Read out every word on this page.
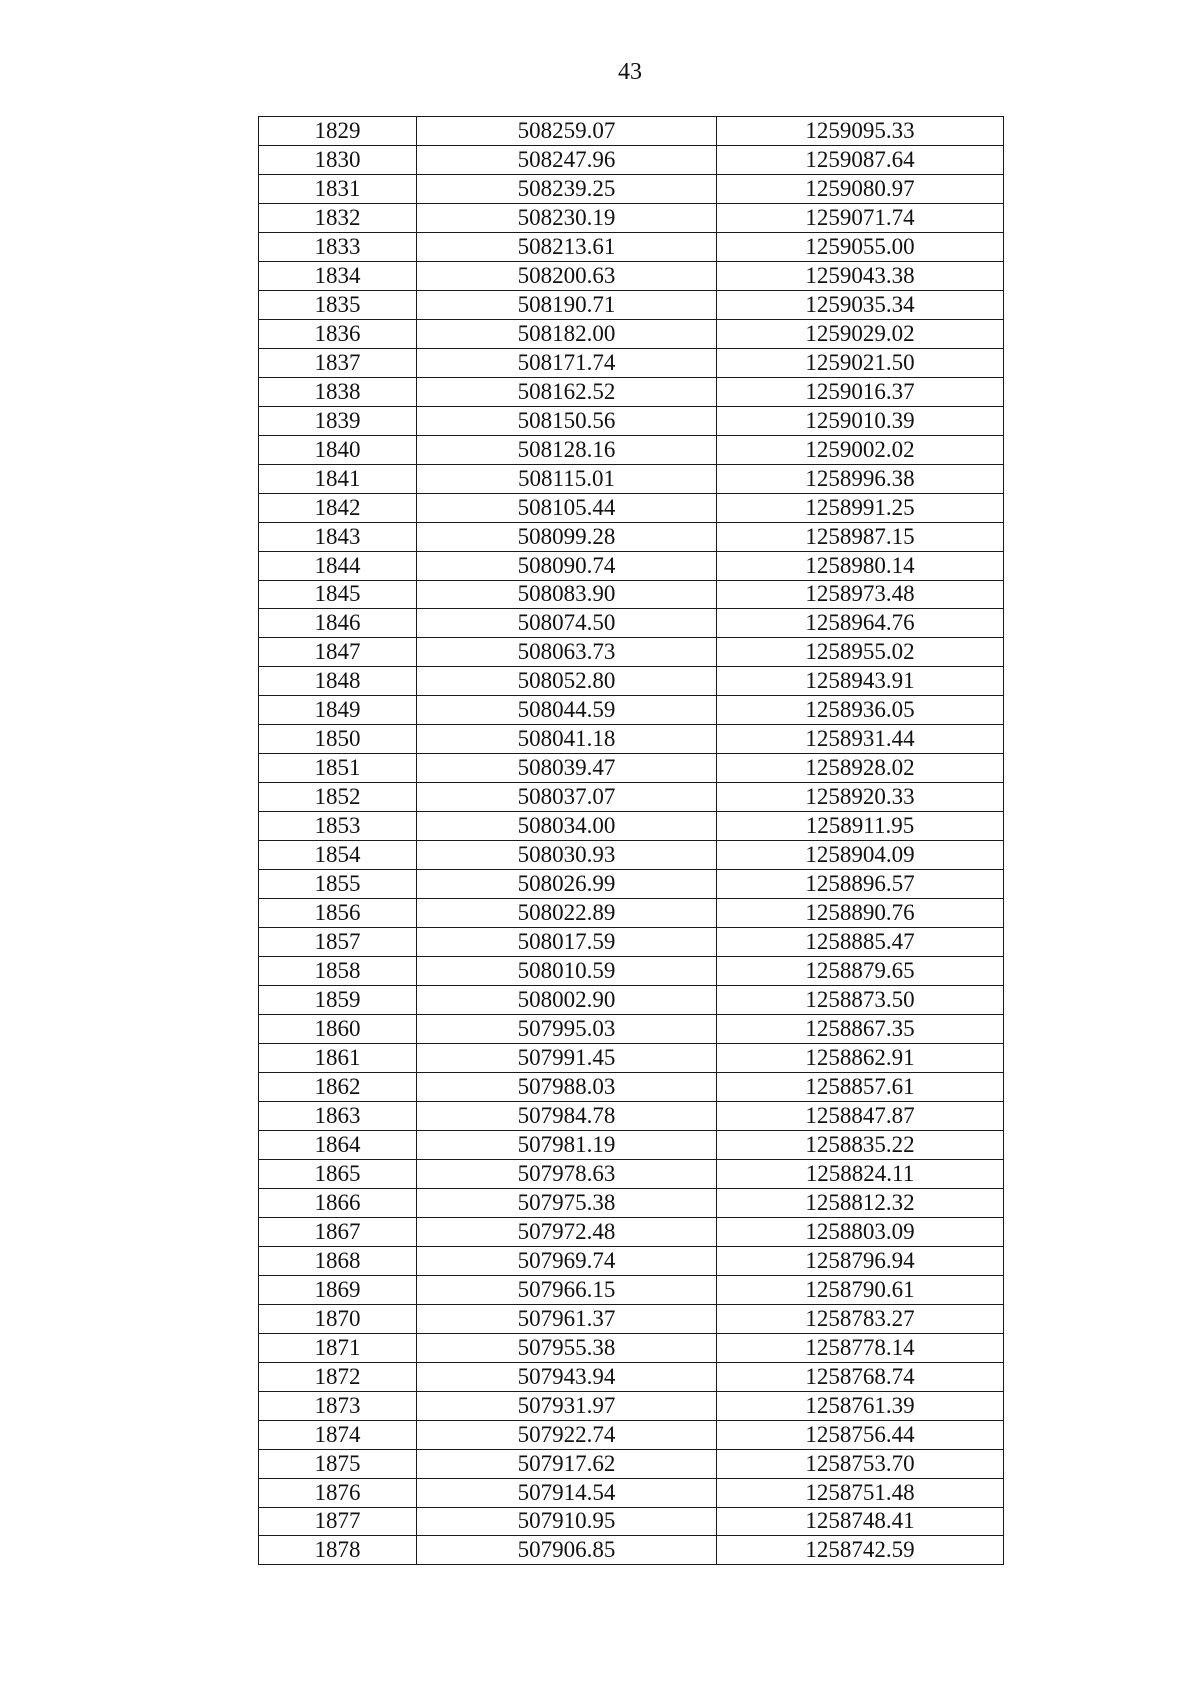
43
1829	508259.07	1259095.33
1830	508247.96	1259087.64
1831	508239.25	1259080.97
1832	508230.19	1259071.74
1833	508213.61	1259055.00
1834	508200.63	1259043.38
1835	508190.71	1259035.34
1836	508182.00	1259029.02
1837	508171.74	1259021.50
1838	508162.52	1259016.37
1839	508150.56	1259010.39
1840	508128.16	1259002.02
1841	508115.01	1258996.38
1842	508105.44	1258991.25
1843	508099.28	1258987.15
1844	508090.74	1258980.14
1845	508083.90	1258973.48
1846	508074.50	1258964.76
1847	508063.73	1258955.02
1848	508052.80	1258943.91
1849	508044.59	1258936.05
1850	508041.18	1258931.44
1851	508039.47	1258928.02
1852	508037.07	1258920.33
1853	508034.00	1258911.95
1854	508030.93	1258904.09
1855	508026.99	1258896.57
1856	508022.89	1258890.76
1857	508017.59	1258885.47
1858	508010.59	1258879.65
1859	508002.90	1258873.50
1860	507995.03	1258867.35
1861	507991.45	1258862.91
1862	507988.03	1258857.61
1863	507984.78	1258847.87
1864	507981.19	1258835.22
1865	507978.63	1258824.11
1866	507975.38	1258812.32
1867	507972.48	1258803.09
1868	507969.74	1258796.94
1869	507966.15	1258790.61
1870	507961.37	1258783.27
1871	507955.38	1258778.14
1872	507943.94	1258768.74
1873	507931.97	1258761.39
1874	507922.74	1258756.44
1875	507917.62	1258753.70
1876	507914.54	1258751.48
1877	507910.95	1258748.41
1878	507906.85	1258742.59
